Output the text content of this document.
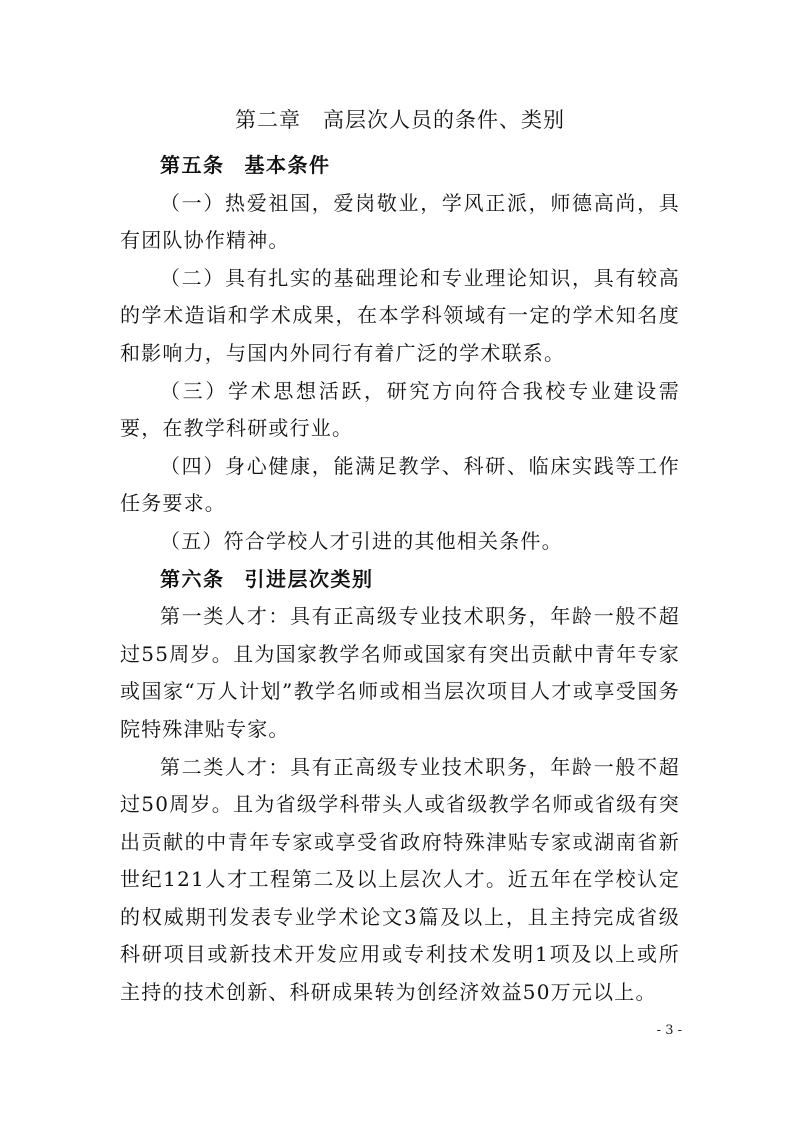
第二章　高层次人员的条件、类别

第五条 基本条件

（一）热爱祖国，爱岗敬业，学风正派，师德高尚，具有团队协作精神。

（二）具有扎实的基础理论和专业理论知识，具有较高的学术造诣和学术成果，在本学科领域有一定的学术知名度和影响力，与国内外同行有着广泛的学术联系。

（三）学术思想活跃，研究方向符合我校专业建设需要，在教学科研或行业。

（四）身心健康，能满足教学、科研、临床实践等工作任务要求。

（五）符合学校人才引进的其他相关条件。

第六条 引进层次类别

第一类人才：具有正高级专业技术职务，年龄一般不超过55周岁。且为国家教学名师或国家有突出贡献中青年专家或国家“万人计划”教学名师或相当层次项目人才或享受国务院特殊津贴专家。

第二类人才：具有正高级专业技术职务，年龄一般不超过50周岁。且为省级学科带头人或省级教学名师或省级有突出贡献的中青年专家或享受省政府特殊津贴专家或湖南省新世纪121人才工程第二及以上层次人才。近五年在学校认定的权威期刊发表专业学术论文3篇及以上，且主持完成省级科研项目或新技术开发应用或专利技术发明1项及以上或所主持的技术创新、科研成果转为创经济效益50万元以上。

- 3 -
